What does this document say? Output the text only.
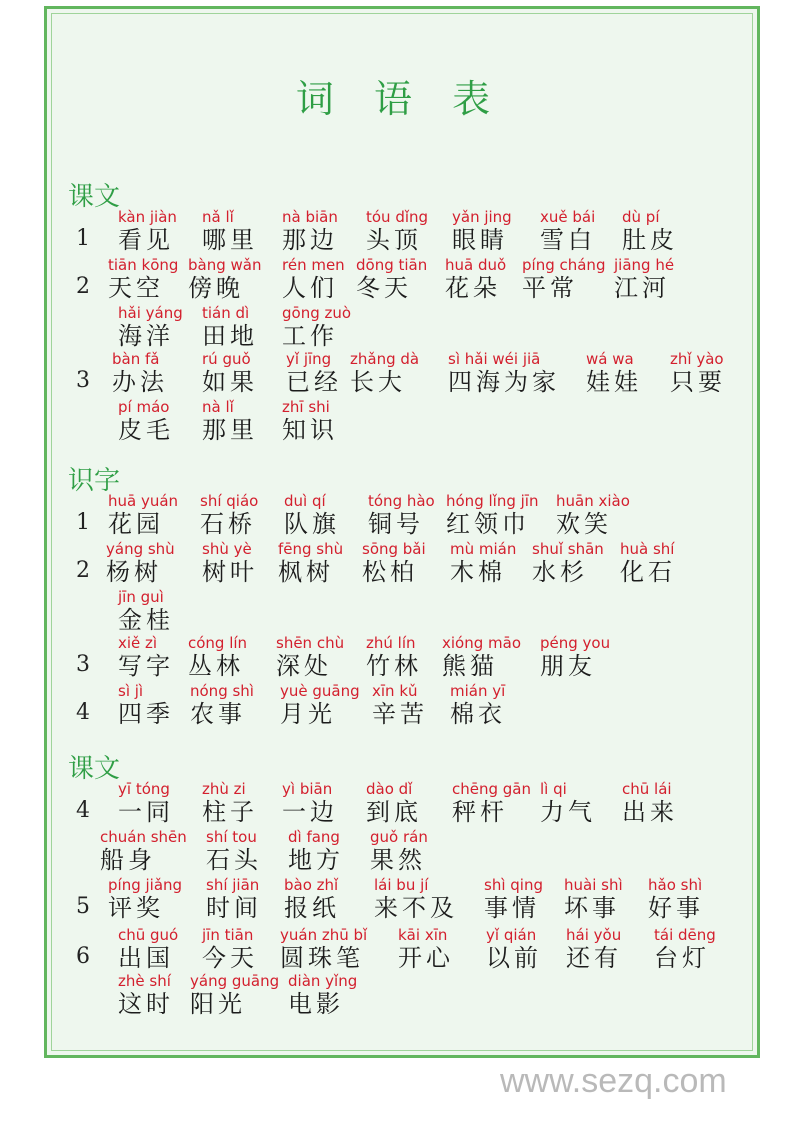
词 语 表
课文
1
kàn jiàn
看见
nǎ lǐ
哪里
nà biān
那边
tóu dǐng
头顶
yǎn jing
眼睛
xuě bái
雪白
dù pí
肚皮
2
tiān kōng
天空
bàng wǎn
傍晚
rén men
人们
dōng tiān
冬天
huā duǒ
花朵
píng cháng
平常
jiāng hé
江河
hǎi yáng
海洋
tián dì
田地
gōng zuò
工作
3
bàn fǎ
办法
rú guǒ
如果
yǐ jīng
已经
zhǎng dà
长大
sì hǎi wéi jiā
四海为家
wá wa
娃娃
zhǐ yào
只要
pí máo
皮毛
nà lǐ
那里
zhī shi
知识
识字
1
huā yuán
花园
shí qiáo
石桥
duì qí
队旗
tóng hào
铜号
hóng lǐng jīn
红领巾
huān xiào
欢笑
2
yáng shù
杨树
shù yè
树叶
fēng shù
枫树
sōng bǎi
松柏
mù mián
木棉
shuǐ shān
水杉
huà shí
化石
jīn guì
金桂
3
xiě zì
写字
cóng lín
丛林
shēn chù
深处
zhú lín
竹林
xióng māo
熊猫
péng you
朋友
4
sì jì
四季
nóng shì
农事
yuè guāng
月光
xīn kǔ
辛苦
mián yī
棉衣
课文
4
yī tóng
一同
zhù zi
柱子
yì biān
一边
dào dǐ
到底
chēng gān
秤杆
lì qi
力气
chū lái
出来
chuán shēn
船身
shí tou
石头
dì fang
地方
guǒ rán
果然
5
píng jiǎng
评奖
shí jiān
时间
bào zhǐ
报纸
lái bu jí
来不及
shì qing
事情
huài shì
坏事
hǎo shì
好事
6
chū guó
出国
jīn tiān
今天
yuán zhū bǐ
圆珠笔
kāi xīn
开心
yǐ qián
以前
hái yǒu
还有
tái dēng
台灯
zhè shí
这时
yáng guāng
阳光
diàn yǐng
电影
www.sezq.com
